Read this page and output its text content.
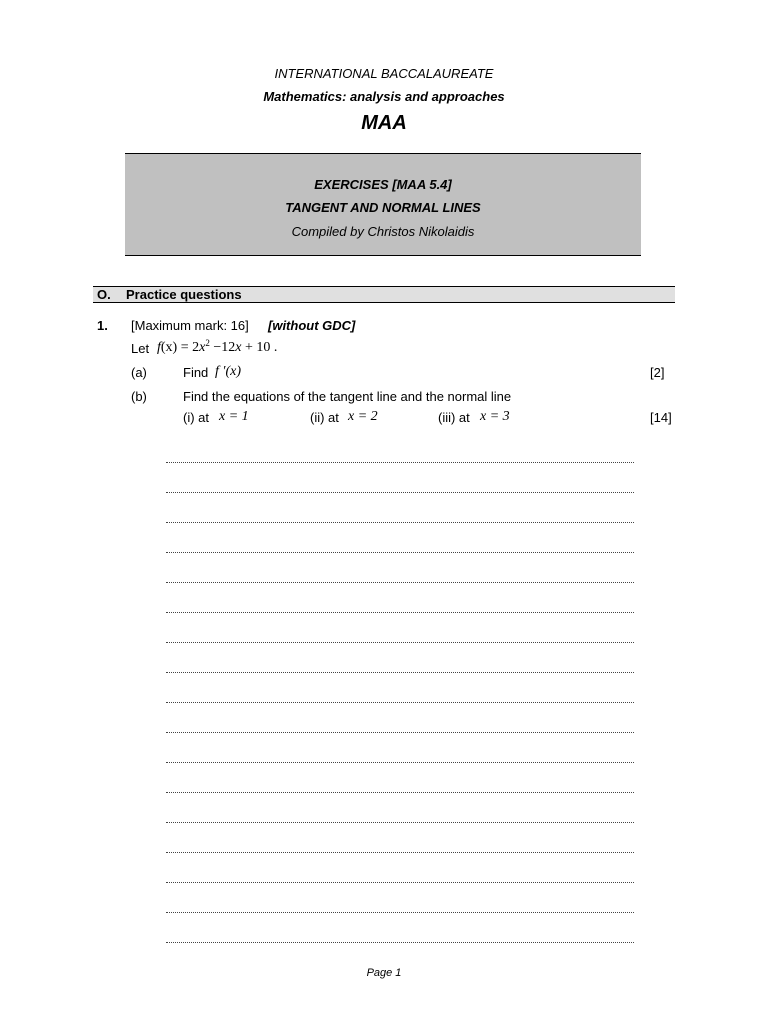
INTERNATIONAL BACCALAUREATE
Mathematics: analysis and approaches
MAA
EXERCISES [MAA 5.4]
TANGENT AND NORMAL LINES
Compiled by Christos Nikolaidis
O. Practice questions
1. [Maximum mark: 16] [without GDC]
Let $f(x) = 2x^2 -12x + 10$ .
(a)	Find f ′(x)	[2]
(b)	Find the equations of the tangent line and the normal line
(i) at x = 1	(ii) at x = 2	(iii) at x = 3	[14]
Page 1
